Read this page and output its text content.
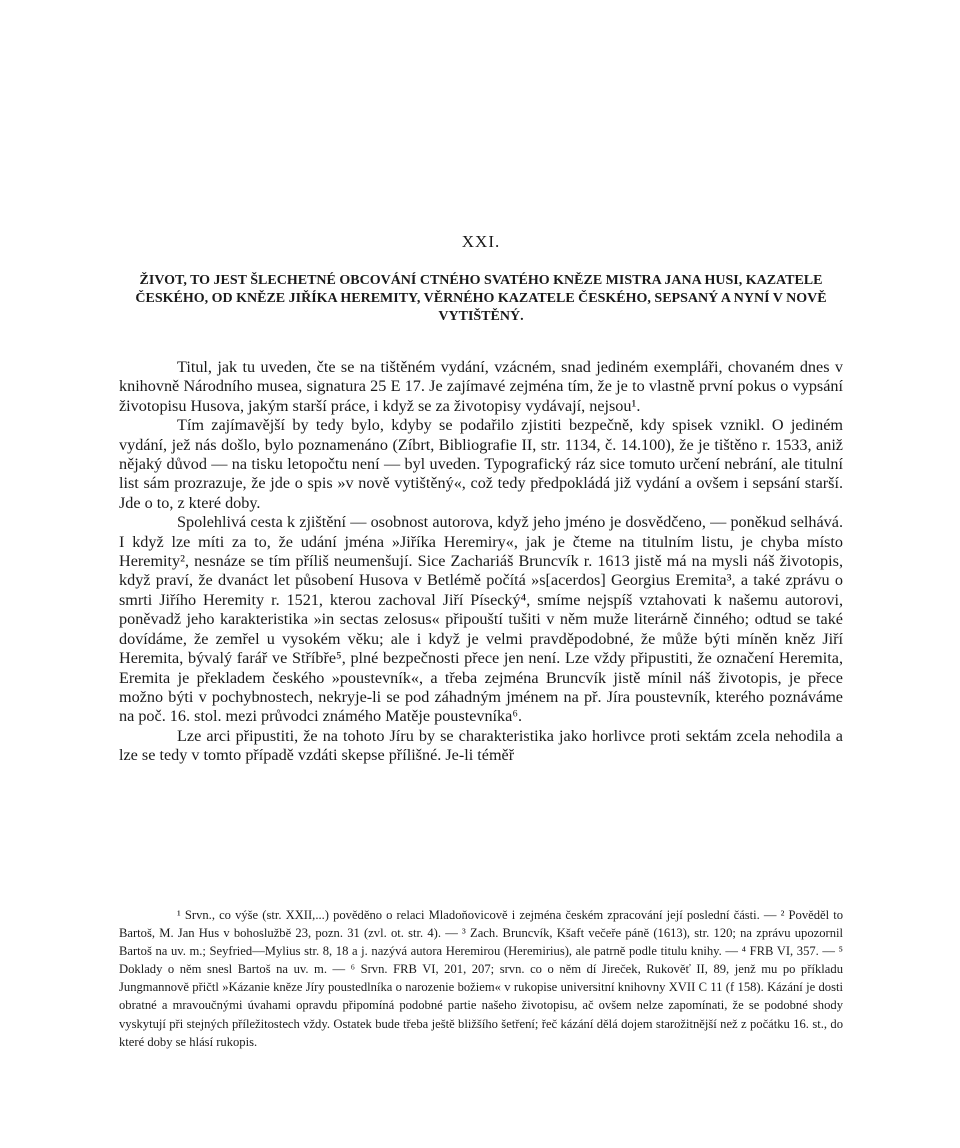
XXI.
ŽIVOT, TO JEST ŠLECHETNÉ OBCOVÁNÍ CTNÉHO SVATÉHO KNĚZE MISTRA JANA HUSI, KAZATELE ČESKÉHO, OD KNĚZE JIŘÍKA HEREMITY, VĚRNÉHO KAZATELE ČESKÉHO, SEPSANÝ A NYNÍ V NOVĚ VYTIŠTĚNÝ.

Titul, jak tu uveden, čte se na tištěném vydání, vzácném, snad jediném exempláři, chovaném dnes v knihovně Národního musea, signatura 25 E 17. Je zajímavé zejména tím, že je to vlastně první pokus o vypsání životopisu Husova, jakým starší práce, i když se za životopisy vydávají, nejsou¹.

Tím zajímavější by tedy bylo, kdyby se podařilo zjistiti bezpečně, kdy spisek vznikl. O jediném vydání, jež nás došlo, bylo poznamenáno (Zíbrt, Bibliografie II, str. 1134, č. 14.100), že je tištěno r. 1533, aniž nějaký důvod — na tisku letopočtu není — byl uveden. Typografický ráz sice tomuto určení nebrání, ale titulní list sám prozrazuje, že jde o spis »v nově vytištěný«, což tedy předpokládá již vydání a ovšem i sepsání starší. Jde o to, z které doby.

Spolehlivá cesta k zjištění — osobnost autorova, když jeho jméno je dosvědčeno, — poněkud selhává. I když lze míti za to, že udání jména »Jiříka Heremiry«, jak je čteme na titulním listu, je chyba místo Heremity², nesnáze se tím příliš neumenšují. Sice Zachariáš Bruncvík r. 1613 jistě má na mysli náš životopis, když praví, že dvanáct let působení Husova v Betlémě počítá »s[acerdos] Georgius Eremita³, a také zprávu o smrti Jiřího Heremity r. 1521, kterou zachoval Jiří Písecký⁴, smíme nejspíš vztahovati k našemu autorovi, poněvadž jeho karakteristika »in sectas zelosus« připouští tušiti v něm muže literárně činného; odtud se také dovídáme, že zemřel u vysokém věku; ale i když je velmi pravděpodobné, že může býti míněn kněz Jiří Heremita, bývalý farář ve Stříbře⁵, plné bezpečnosti přece jen není. Lze vždy připustiti, že označení Heremita, Eremita je překladem českého »poustevník«, a třeba zejména Bruncvík jistě mínil náš životopis, je přece možno býti v pochybnostech, nekryje-li se pod záhadným jménem na př. Jíra poustevník, kterého poznáváme na poč. 16. stol. mezi průvodci známého Matěje poustevníka⁶.

Lze arci připustiti, že na tohoto Jíru by se charakteristika jako horlivce proti sektám zcela nehodila a lze se tedy v tomto případě vzdáti skepse přílišné. Je-li téměř

¹ Srvn., co výše (str. XXII,...) pověděno o relaci Mladoňovicově i zejména českém zpracování její poslední části. — ² Pověděl to Bartoš, M. Jan Hus v bohoslužbě 23, pozn. 31 (zvl. ot. str. 4). — ³ Zach. Bruncvík, Kšaft večeře páně (1613), str. 120; na zprávu upozornil Bartoš na uv. m.; Seyfried—Mylius str. 8, 18 a j. nazývá autora Heremirou (Heremirius), ale patrně podle titulu knihy. — ⁴ FRB VI, 357. — ⁵ Doklady o něm snesl Bartoš na uv. m. — ⁶ Srvn. FRB VI, 201, 207; srvn. co o něm dí Jireček, Rukověť II, 89, jenž mu po příkladu Jungmannově přičtl »Kázanie kněze Jíry poustedlníka o narozenie božiem« v rukopise universitní knihovny XVII C 11 (f 158). Kázání je dosti obratné a mravoučnými úvahami opravdu připomíná podobné partie našeho životopisu, ač ovšem nelze zapomínati, že se podobné shody vyskytují při stejných příležitostech vždy. Ostatek bude třeba ještě bližšího šetření; řeč kázání dělá dojem starožitnější než z počátku 16. st., do které doby se hlásí rukopis.
